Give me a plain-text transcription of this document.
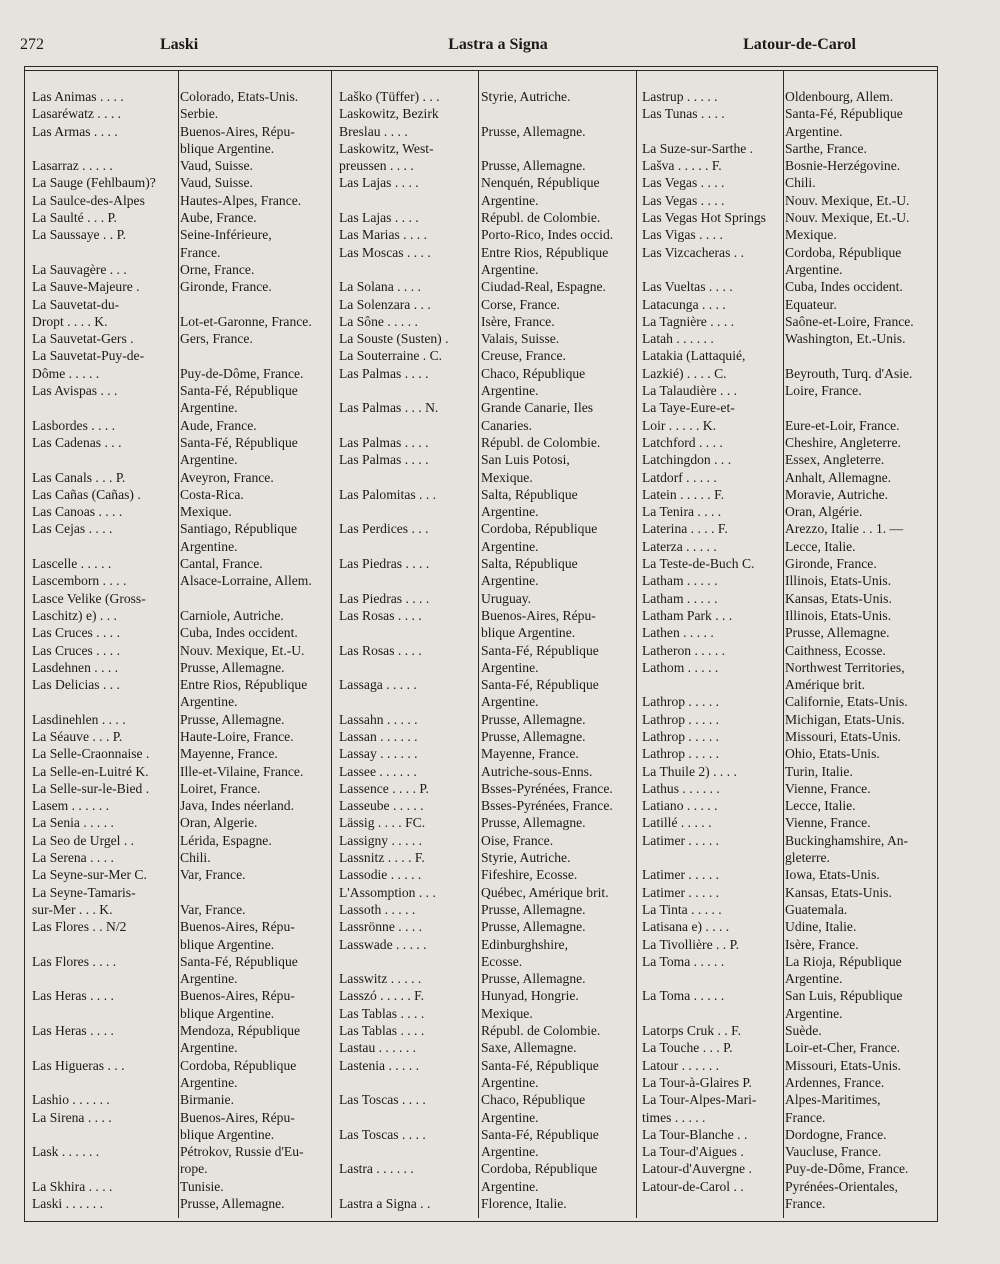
272	Laski	Lastra a Signa	Latour-de-Carol
Las Animas . . . .	Colorado, Etats-Unis.
Lasaréwatz . . . .	Serbie.
Las Armas . . . .	Buenos-Aires, Répu-
blique Argentine.
Lasarraz . . . . .	Vaud, Suisse.
La Sauge (Fehlbaum)?	Vaud, Suisse.
La Saulce-des-Alpes	Hautes-Alpes, France.
La Saulté . . . P.	Aube, France.
La Saussaye . . P.	Seine-Inférieure,
France.
La Sauvagère . . .	Orne, France.
La Sauve-Majeure .	Gironde, France.
La Sauvetat-du-
Dropt . . . . K.	Lot-et-Garonne, France.
La Sauvetat-Gers .	Gers, France.
La Sauvetat-Puy-de-
Dôme . . . . .	Puy-de-Dôme, France.
Las Avispas . . .	Santa-Fé, République
Argentine.
Lasbordes . . . .	Aude, France.
Las Cadenas . . .	Santa-Fé, République
Argentine.
Las Canals . . . P.	Aveyron, France.
Las Cañas (Cañas) .	Costa-Rica.
Las Canoas . . . .	Mexique.
Las Cejas . . . .	Santiago, République
Argentine.
Lascelle . . . . .	Cantal, France.
Lascemborn . . . .	Alsace-Lorraine, Allem.
Lasce Velike (Gross-
Laschitz) e) . . .	Carniole, Autriche.
Las Cruces . . . .	Cuba, Indes occident.
Las Cruces . . . .	Nouv. Mexique, Et.-U.
Lasdehnen . . . .	Prusse, Allemagne.
Las Delicias . . .	Entre Rios, République
Argentine.
Lasdinehlen . . . .	Prusse, Allemagne.
La Séauve . . . P.	Haute-Loire, France.
La Selle-Craonnaise .	Mayenne, France.
La Selle-en-Luitré K.	Ille-et-Vilaine, France.
La Selle-sur-le-Bied .	Loiret, France.
Lasem . . . . . .	Java, Indes néerland.
La Senia . . . . .	Oran, Algerie.
La Seo de Urgel . .	Lérida, Espagne.
La Serena . . . .	Chili.
La Seyne-sur-Mer C.	Var, France.
La Seyne-Tamaris-
sur-Mer . . . K.	Var, France.
Las Flores . . N/2	Buenos-Aires, Répu-
blique Argentine.
Las Flores . . . .	Santa-Fé, République
Argentine.
Las Heras . . . .	Buenos-Aires, Répu-
blique Argentine.
Las Heras . . . .	Mendoza, République
Argentine.
Las Higueras . . .	Cordoba, République
Argentine.
Lashio . . . . . .	Birmanie.
La Sirena . . . .	Buenos-Aires, Répu-
blique Argentine.
Lask . . . . . .	Pétrokov, Russie d'Eu-
rope.
La Skhira . . . .	Tunisie.
Laski . . . . . .	Prusse, Allemagne.
Laško (Tüffer) . . .	Styrie, Autriche.
Laskowitz, Bezirk
Breslau . . . .	Prusse, Allemagne.
Laskowitz, West-
preussen . . . .	Prusse, Allemagne.
Las Lajas . . . .	Nenquén, République
Argentine.
Las Lajas . . . .	Républ. de Colombie.
Las Marias . . . .	Porto-Rico, Indes occid.
Las Moscas . . . .	Entre Rios, République
Argentine.
La Solana . . . .	Ciudad-Real, Espagne.
La Solenzara . . .	Corse, France.
La Sône . . . . .	Isère, France.
La Souste (Susten) .	Valais, Suisse.
La Souterraine . C.	Creuse, France.
Las Palmas . . . .	Chaco, République
Argentine.
Las Palmas . . . N.	Grande Canarie, Iles
Canaries.
Las Palmas . . . .	Républ. de Colombie.
Las Palmas . . . .	San Luis Potosi,
Mexique.
Las Palomitas . . .	Salta, République
Argentine.
Las Perdices . . .	Cordoba, République
Argentine.
Las Piedras . . . .	Salta, République
Argentine.
Las Piedras . . . .	Uruguay.
Las Rosas . . . .	Buenos-Aires, Répu-
blique Argentine.
Las Rosas . . . .	Santa-Fé, République
Argentine.
Lassaga . . . . .	Santa-Fé, République
Argentine.
Lassahn . . . . .	Prusse, Allemagne.
Lassan . . . . . .	Prusse, Allemagne.
Lassay . . . . . .	Mayenne, France.
Lassee . . . . . .	Autriche-sous-Enns.
Lassence . . . . P.	Bsses-Pyrénées, France.
Lasseube . . . . .	Bsses-Pyrénées, France.
Lässig . . . . FC.	Prusse, Allemagne.
Lassigny . . . . .	Oise, France.
Lassnitz . . . . F.	Styrie, Autriche.
Lassodie . . . . .	Fifeshire, Ecosse.
L'Assomption . . .	Québec, Amérique brit.
Lassoth . . . . .	Prusse, Allemagne.
Lassrönne . . . .	Prusse, Allemagne.
Lasswade . . . . .	Edinburghshire,
Ecosse.
Lasswitz . . . . .	Prusse, Allemagne.
Lasszó . . . . . F.	Hunyad, Hongrie.
Las Tablas . . . .	Mexique.
Las Tablas . . . .	Républ. de Colombie.
Lastau . . . . . .	Saxe, Allemagne.
Lastenia . . . . .	Santa-Fé, République
Argentine.
Las Toscas . . . .	Chaco, République
Argentine.
Las Toscas . . . .	Santa-Fé, République
Argentine.
Lastra . . . . . .	Cordoba, République
Argentine.
Lastra a Signa . .	Florence, Italie.
Lastrup . . . . .	Oldenbourg, Allem.
Las Tunas . . . .	Santa-Fé, République
Argentine.
La Suze-sur-Sarthe .	Sarthe, France.
Lašva . . . . . F.	Bosnie-Herzégovine.
Las Vegas . . . .	Chili.
Las Vegas . . . .	Nouv. Mexique, Et.-U.
Las Vegas Hot Springs	Nouv. Mexique, Et.-U.
Las Vigas . . . .	Mexique.
Las Vizcacheras . .	Cordoba, République
Argentine.
Las Vueltas . . . .	Cuba, Indes occident.
Latacunga . . . .	Equateur.
La Tagnière . . . .	Saône-et-Loire, France.
Latah . . . . . .	Washington, Et.-Unis.
Latakia (Lattaquié,
Lazkié) . . . . C.	Beyrouth, Turq. d'Asie.
La Talaudière . . .	Loire, France.
La Taye-Eure-et-
Loir . . . . . K.	Eure-et-Loir, France.
Latchford . . . .	Cheshire, Angleterre.
Latchingdon . . .	Essex, Angleterre.
Latdorf . . . . .	Anhalt, Allemagne.
Latein . . . . . F.	Moravie, Autriche.
La Tenira . . . .	Oran, Algérie.
Laterina . . . . F.	Arezzo, Italie . . 1. —
Laterza . . . . .	Lecce, Italie.
La Teste-de-Buch C.	Gironde, France.
Latham . . . . .	Illinois, Etats-Unis.
Latham . . . . .	Kansas, Etats-Unis.
Latham Park . . .	Illinois, Etats-Unis.
Lathen . . . . .	Prusse, Allemagne.
Latheron . . . . .	Caithness, Ecosse.
Lathom . . . . .	Northwest Territories,
Amérique brit.
Lathrop . . . . .	Californie, Etats-Unis.
Lathrop . . . . .	Michigan, Etats-Unis.
Lathrop . . . . .	Missouri, Etats-Unis.
Lathrop . . . . .	Ohio, Etats-Unis.
La Thuile 2) . . . .	Turin, Italie.
Lathus . . . . . .	Vienne, France.
Latiano . . . . .	Lecce, Italie.
Latillé . . . . .	Vienne, France.
Latimer . . . . .	Buckinghamshire, An-
gleterre.
Latimer . . . . .	Iowa, Etats-Unis.
Latimer . . . . .	Kansas, Etats-Unis.
La Tinta . . . . .	Guatemala.
Latisana e) . . . .	Udine, Italie.
La Tivollière . . P.	Isère, France.
La Toma . . . . .	La Rioja, République
Argentine.
La Toma . . . . .	San Luis, République
Argentine.
Latorps Cruk . . F.	Suède.
La Touche . . . P.	Loir-et-Cher, France.
Latour . . . . . .	Missouri, Etats-Unis.
La Tour-à-Glaires P.	Ardennes, France.
La Tour-Alpes-Mari-	Alpes-Maritimes,
times . . . . .	France.
La Tour-Blanche . .	Dordogne, France.
La Tour-d'Aigues .	Vaucluse, France.
Latour-d'Auvergne .	Puy-de-Dôme, France.
Latour-de-Carol . .	Pyrénées-Orientales,
France.
